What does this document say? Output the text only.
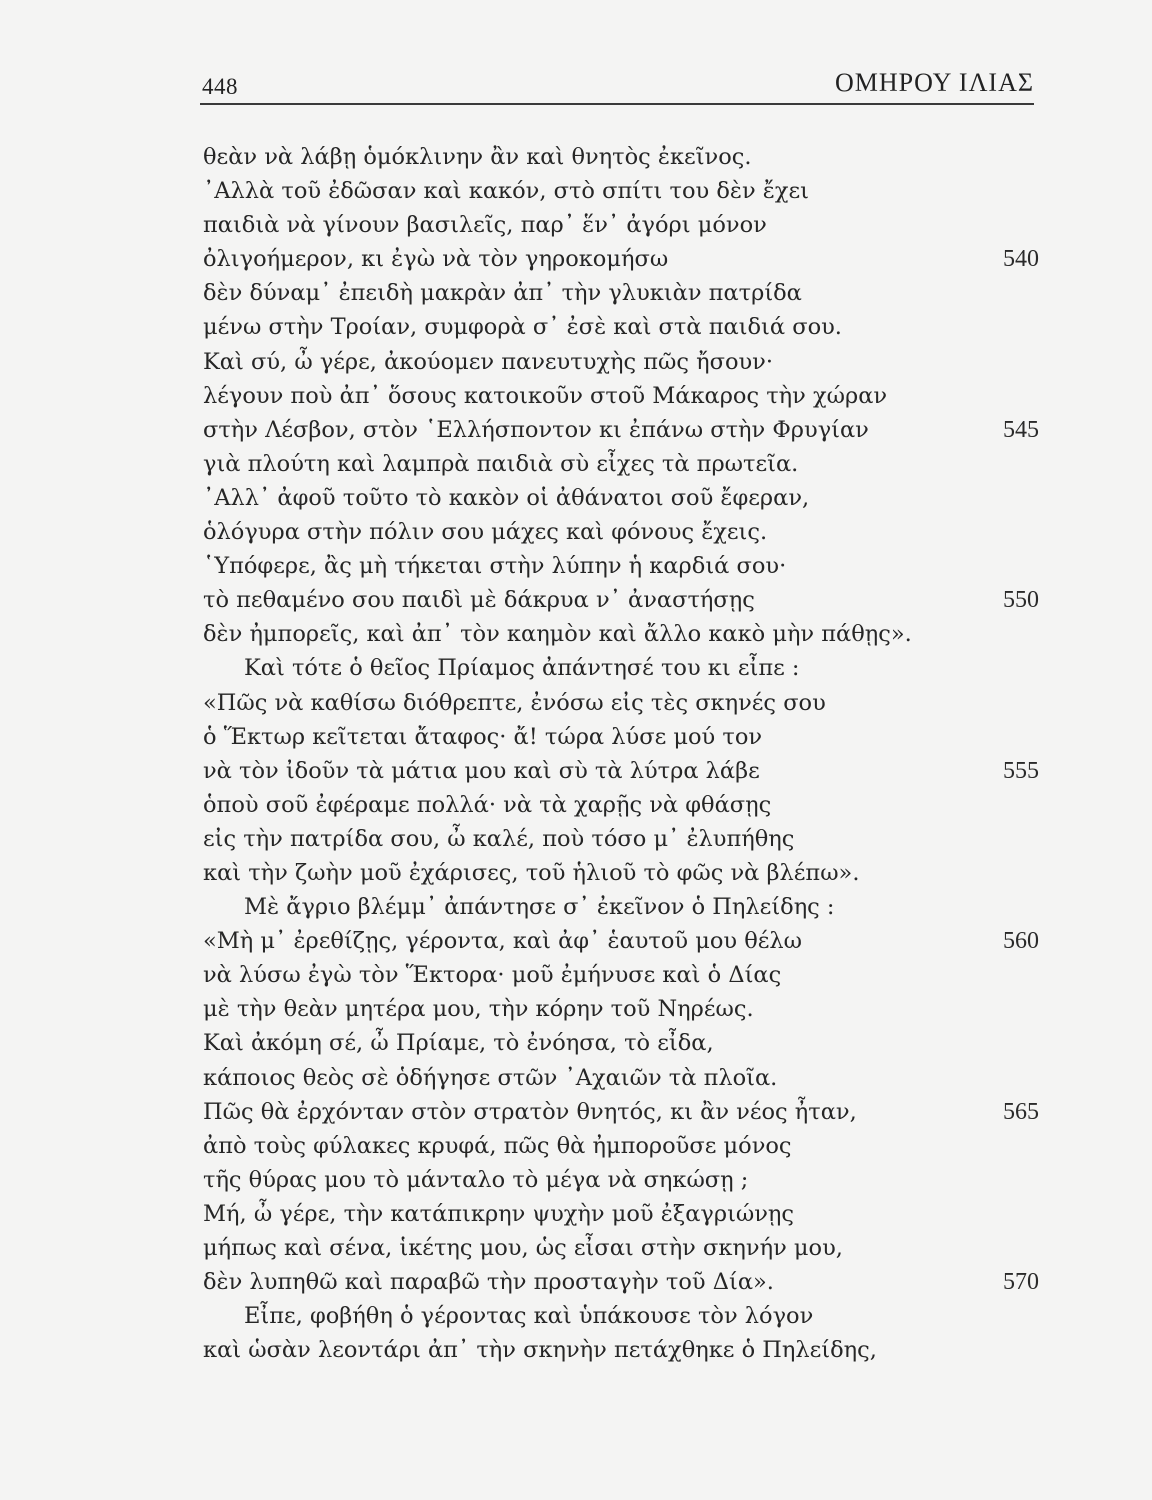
448	ΟΜΗΡΟΥ ΙΛΙΑΣ
θεὰν νὰ λάβῃ ὁμόκλινην ἂν καὶ θνητὸς ἐκεῖνος.
᾿Αλλὰ τοῦ ἐδῶσαν καὶ κακόν, στὸ σπίτι του δὲν ἔχει
παιδιὰ νὰ γίνουν βασιλεῖς, παρ᾿ ἕν᾿ ἀγόρι μόνον
ὀλιγοήμερον, κι ἐγὼ νὰ τὸν γηροκομήσω	540
δὲν δύναμ᾿ ἐπειδὴ μακρὰν ἀπ᾿ τὴν γλυκιὰν πατρίδα
μένω στὴν Τροίαν, συμφορὰ σ᾿ ἐσὲ καὶ στὰ παιδιά σου.
Καὶ σύ, ὦ γέρε, ἀκούομεν πανευτυχὴς πῶς ἤσουν·
λέγουν ποὺ ἀπ᾿ ὅσους κατοικοῦν στοῦ Μάκαρος τὴν χώραν
στὴν Λέσβον, στὸν ῾Ελλήσποντον κι ἐπάνω στὴν Φρυγίαν	545
γιὰ πλούτη καὶ λαμπρὰ παιδιὰ σὺ εἶχες τὰ πρωτεῖα.
᾿Αλλ᾿ ἀφοῦ τοῦτο τὸ κακὸν οἱ ἀθάνατοι σοῦ ἔφεραν,
ὁλόγυρα στὴν πόλιν σου μάχες καὶ φόνους ἔχεις.
῾Υπόφερε, ἂς μὴ τήκεται στὴν λύπην ἡ καρδιά σου·
τὸ πεθαμένο σου παιδὶ μὲ δάκρυα ν᾿ ἀναστήσῃς	550
δὲν ἠμπορεῖς, καὶ ἀπ᾿ τὸν καημὸν καὶ ἄλλο κακὸ μὴν πάθῃς».
Καὶ τότε ὁ θεῖος Πρίαμος ἀπάντησέ του κι εἶπε :
«Πῶς νὰ καθίσω διόθρεπτε, ἐνόσω εἰς τὲς σκηνές σου
ὁ Ἕκτωρ κεῖτεται ἄταφος· ἄ! τώρα λύσε μού τον
νὰ τὸν ἰδοῦν τὰ μάτια μου καὶ σὺ τὰ λύτρα λάβε	555
ὁποὺ σοῦ ἐφέραμε πολλά· νὰ τὰ χαρῇς νὰ φθάσῃς
εἰς τὴν πατρίδα σου, ὦ καλέ, ποὺ τόσο μ᾿ ἐλυπήθης
καὶ τὴν ζωὴν μοῦ ἐχάρισες, τοῦ ἡλιοῦ τὸ φῶς νὰ βλέπω».
Μὲ ἄγριο βλέμμ᾿ ἀπάντησε σ᾿ ἐκεῖνον ὁ Πηλείδης :
«Μὴ μ᾿ ἐρεθίζῃς, γέροντα, καὶ ἀφ᾿ ἑαυτοῦ μου θέλω	560
νὰ λύσω ἐγὼ τὸν Ἕκτορα· μοῦ ἐμήνυσε καὶ ὁ Δίας
μὲ τὴν θεὰν μητέρα μου, τὴν κόρην τοῦ Νηρέως.
Καὶ ἀκόμη σέ, ὦ Πρίαμε, τὸ ἐνόησα, τὸ εἶδα,
κάποιος θεὸς σὲ ὁδήγησε στῶν ᾿Αχαιῶν τὰ πλοῖα.
Πῶς θὰ ἐρχόνταν στὸν στρατὸν θνητός, κι ἂν νέος ἦταν,	565
ἀπὸ τοὺς φύλακες κρυφά, πῶς θὰ ἠμποροῦσε μόνος
τῆς θύρας μου τὸ μάνταλο τὸ μέγα νὰ σηκώσῃ ;
Μή, ὦ γέρε, τὴν κατάπικρην ψυχὴν μοῦ ἐξαγριώνῃς
μήπως καὶ σένα, ἱκέτης μου, ὡς εἶσαι στὴν σκηνήν μου,
δὲν λυπηθῶ καὶ παραβῶ τὴν προσταγὴν τοῦ Δία».	570
Εἶπε, φοβήθη ὁ γέροντας καὶ ὑπάκουσε τὸν λόγον
καὶ ὡσὰν λεοντάρι ἀπ᾿ τὴν σκηνὴν πετάχθηκε ὁ Πηλείδης,
